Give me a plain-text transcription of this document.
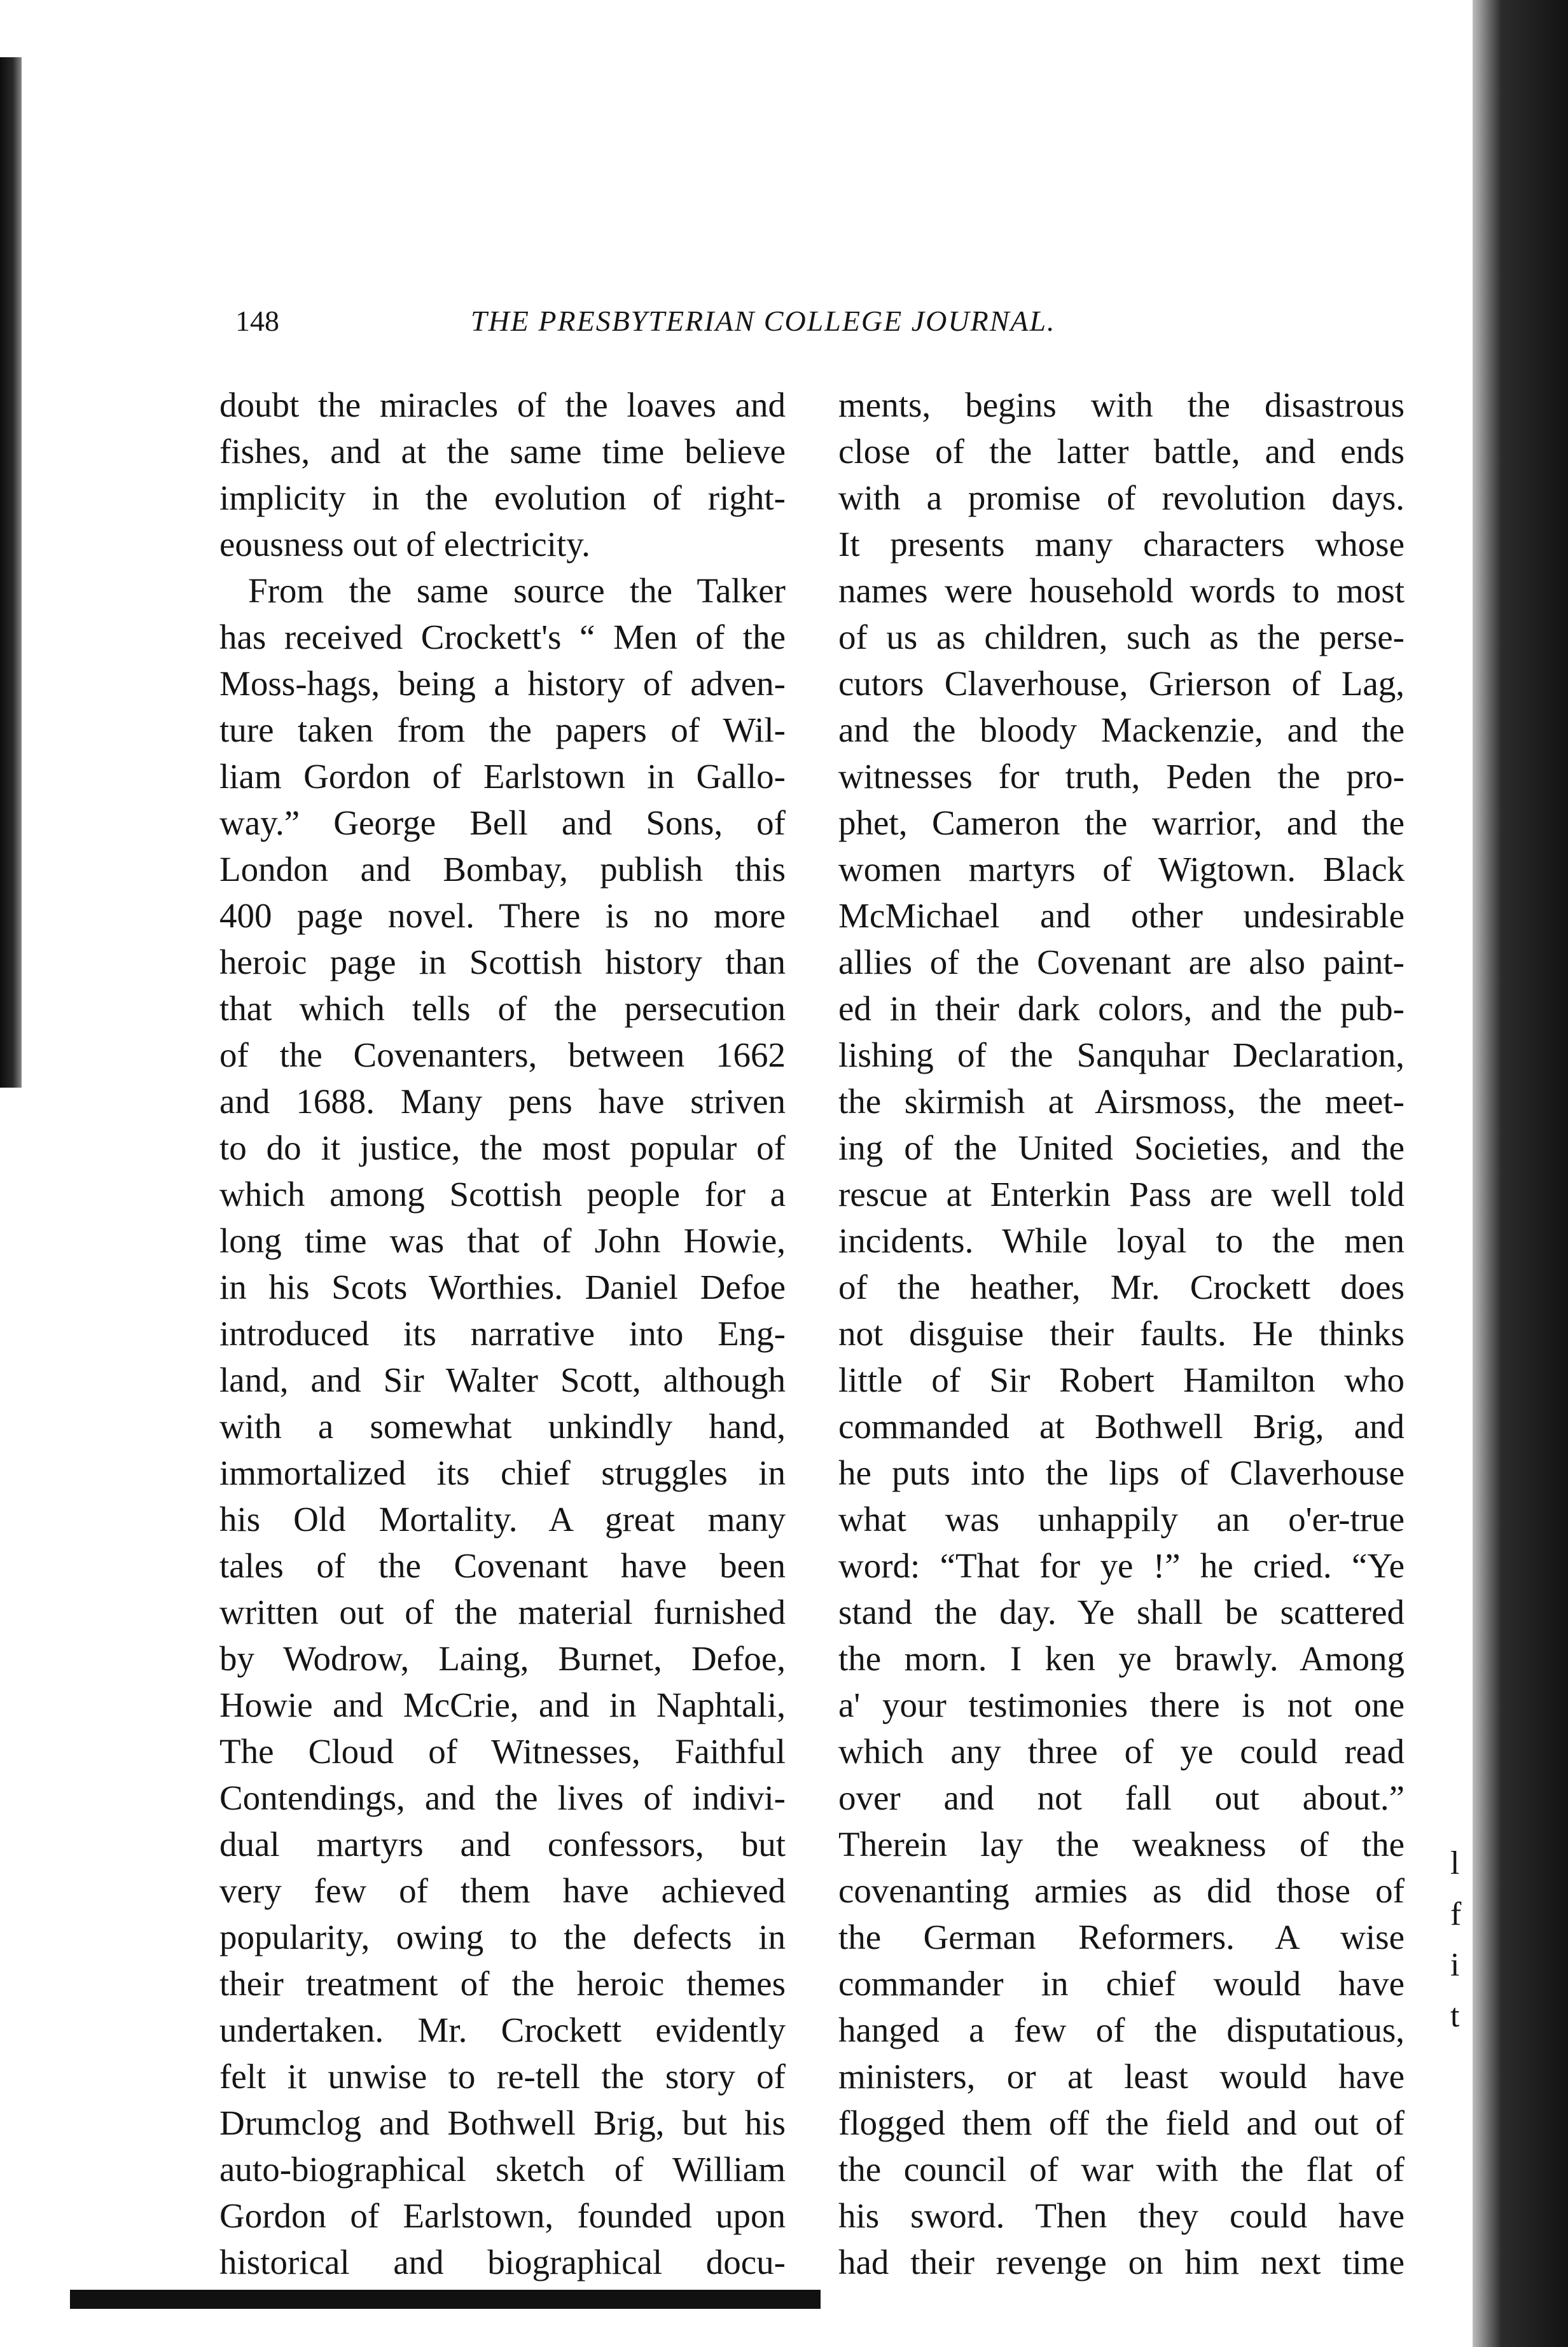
148	THE PRESBYTERIAN COLLEGE JOURNAL.

doubt the miracles of the loaves and

fishes, and at the same time believe

implicity in the evolution of right-

eousness out of electricity.

From the same source the Talker

has received Crockett's “ Men of the

Moss-hags, being a history of adven-

ture taken from the papers of Wil-

liam Gordon of Earlstown in Gallo-

way.” George Bell and Sons, of

London and Bombay, publish this

400 page novel. There is no more

heroic page in Scottish history than

that which tells of the persecution

of the Covenanters, between 1662

and 1688. Many pens have striven

to do it justice, the most popular of

which among Scottish people for a

long time was that of John Howie,

in his Scots Worthies. Daniel Defoe

introduced its narrative into Eng-

land, and Sir Walter Scott, although

with a somewhat unkindly hand,

immortalized its chief struggles in

his Old Mortality. A great many

tales of the Covenant have been

written out of the material furnished

by Wodrow, Laing, Burnet, Defoe,

Howie and McCrie, and in Naphtali,

The Cloud of Witnesses, Faithful

Contendings, and the lives of indivi-

dual martyrs and confessors, but

very few of them have achieved

popularity, owing to the defects in

their treatment of the heroic themes

undertaken. Mr. Crockett evidently

felt it unwise to re-tell the story of

Drumclog and Bothwell Brig, but his

auto-biographical sketch of William

Gordon of Earlstown, founded upon

historical and biographical docu-

ments, begins with the disastrous

close of the latter battle, and ends

with a promise of revolution days.

It presents many characters whose

names were household words to most

of us as children, such as the perse-

cutors Claverhouse, Grierson of Lag,

and the bloody Mackenzie, and the

witnesses for truth, Peden the pro-

phet, Cameron the warrior, and the

women martyrs of Wigtown. Black

McMichael and other undesirable

allies of the Covenant are also paint-

ed in their dark colors, and the pub-

lishing of the Sanquhar Declaration,

the skirmish at Airsmoss, the meet-

ing of the United Societies, and the

rescue at Enterkin Pass are well told

incidents. While loyal to the men

of the heather, Mr. Crockett does

not disguise their faults. He thinks

little of Sir Robert Hamilton who

commanded at Bothwell Brig, and

he puts into the lips of Claverhouse

what was unhappily an o'er-true

word: “That for ye !” he cried. “Ye

stand the day. Ye shall be scattered

the morn. I ken ye brawly. Among

a' your testimonies there is not one

which any three of ye could read

over and not fall out about.”

Therein lay the weakness of the

covenanting armies as did those of

the German Reformers. A wise

commander in chief would have

hanged a few of the disputatious,

ministers, or at least would have

flogged them off the field and out of

the council of war with the flat of

his sword. Then they could have

had their revenge on him next time

l

f

i

t
